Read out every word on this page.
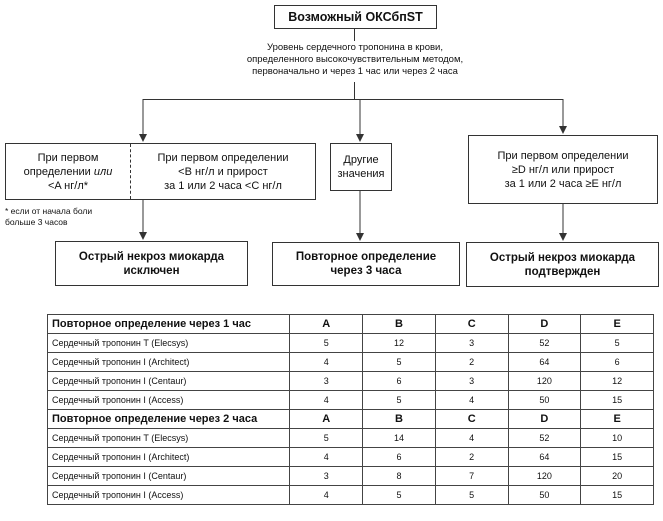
Возможный ОКСбпST
Уровень сердечного тропонина в крови,
определенного высокочувствительным методом,
первоначально и через 1 час или через 2 часа
При первом
определении или
<A нг/л*
При первом определении
<B нг/л и прирост
за 1 или 2 часа <C нг/л
Другие
значения
При первом определении
≥D нг/л или прирост
за 1 или 2 часа ≥E нг/л
* если от начала боли
больше 3 часов
Острый некроз миокарда
исключен
Повторное определение
через 3 часа
Острый некроз миокарда
подтвержден
Повторное определение через 1 час	A	B	C	D	E
Сердечный тропонин T (Elecsys)	5	12	3	52	5
Сердечный тропонин I (Architect)	4	5	2	64	6
Сердечный тропонин I (Centaur)	3	6	3	120	12
Сердечный тропонин I (Access)	4	5	4	50	15
Повторное определение через 2 часа	A	B	C	D	E
Сердечный тропонин T (Elecsys)	5	14	4	52	10
Сердечный тропонин I (Architect)	4	6	2	64	15
Сердечный тропонин I (Centaur)	3	8	7	120	20
Сердечный тропонин I (Access)	4	5	5	50	15
